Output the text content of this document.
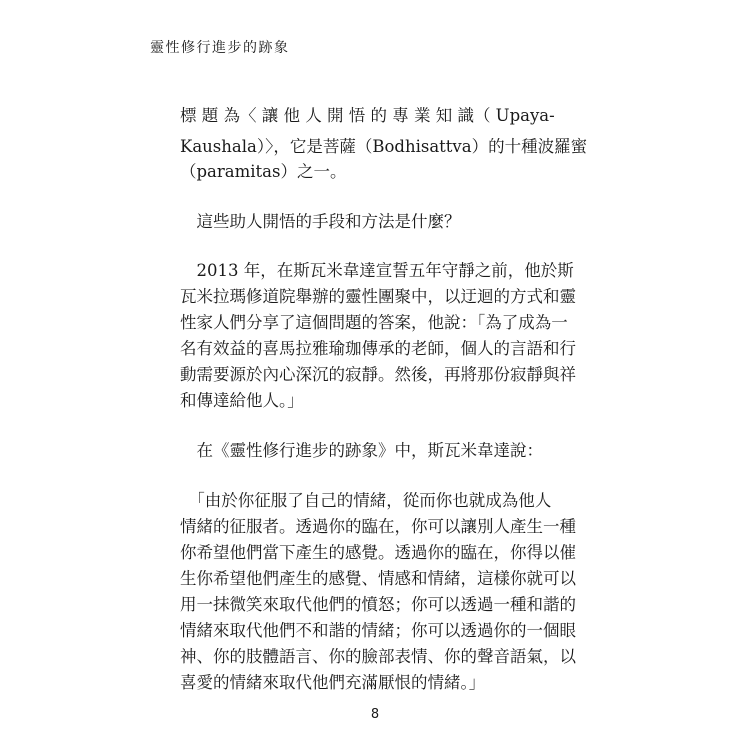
靈性修行進步的跡象
標 題 為〈 讓 他 人 開 悟 的 專 業 知 識（ Upaya-
Kaushala）〉，它是菩薩（Bodhisattva）的十種波羅蜜
（paramitas）之一。
　這些助人開悟的手段和方法是什麼？
　2013 年，在斯瓦米韋達宣誓五年守靜之前，他於斯
瓦米拉瑪修道院舉辦的靈性團聚中，以迂迴的方式和靈
性家人們分享了這個問題的答案，他說：「為了成為一
名有效益的喜馬拉雅瑜珈傳承的老師，個人的言語和行
動需要源於內心深沉的寂靜。然後，再將那份寂靜與祥
和傳達給他人。」
　在《靈性修行進步的跡象》中，斯瓦米韋達說：
　「由於你征服了自己的情緒，從而你也就成為他人
情緒的征服者。透過你的臨在，你可以讓別人產生一種
你希望他們當下產生的感覺。透過你的臨在，你得以催
生你希望他們產生的感覺、情感和情緒，這樣你就可以
用一抹微笑來取代他們的憤怒；你可以透過一種和諧的
情緒來取代他們不和諧的情緒；你可以透過你的一個眼
神、你的肢體語言、你的臉部表情、你的聲音語氣，以
喜愛的情緒來取代他們充滿厭恨的情緒。」
8
